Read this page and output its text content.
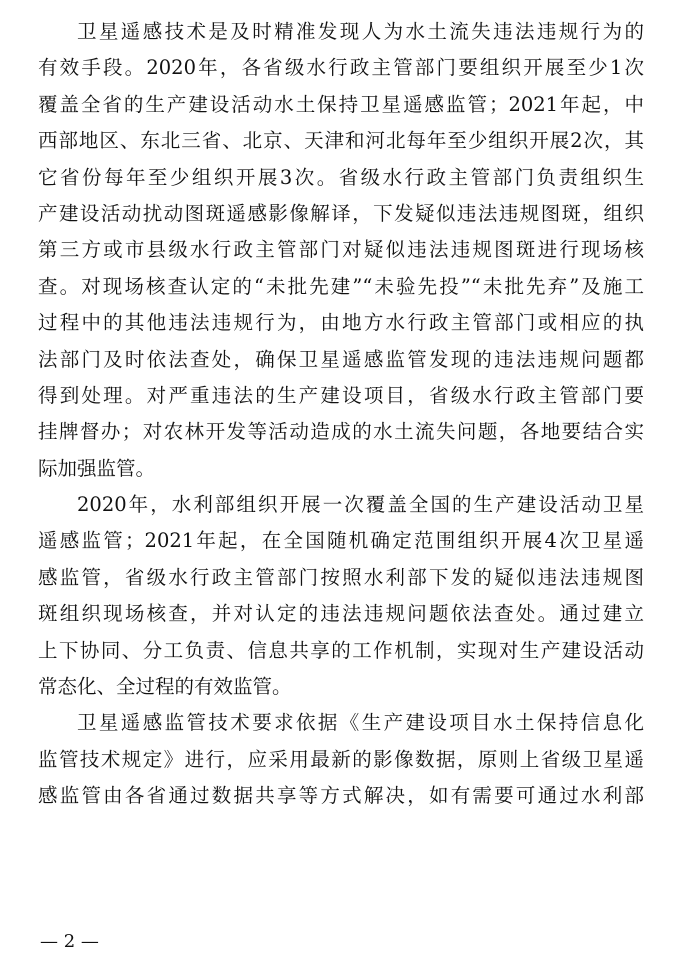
卫星遥感技术是及时精准发现人为水土流失违法违规行为的
有效手段。2020年，各省级水行政主管部门要组织开展至少1次
覆盖全省的生产建设活动水土保持卫星遥感监管；2021年起，中
西部地区、东北三省、北京、天津和河北每年至少组织开展2次，其
它省份每年至少组织开展3次。省级水行政主管部门负责组织生
产建设活动扰动图斑遥感影像解译，下发疑似违法违规图斑，组织
第三方或市县级水行政主管部门对疑似违法违规图斑进行现场核
查。对现场核查认定的“未批先建”“未验先投”“未批先弃”及施工
过程中的其他违法违规行为，由地方水行政主管部门或相应的执
法部门及时依法查处，确保卫星遥感监管发现的违法违规问题都
得到处理。对严重违法的生产建设项目，省级水行政主管部门要
挂牌督办；对农林开发等活动造成的水土流失问题，各地要结合实
际加强监管。
2020年，水利部组织开展一次覆盖全国的生产建设活动卫星
遥感监管；2021年起，在全国随机确定范围组织开展4次卫星遥
感监管，省级水行政主管部门按照水利部下发的疑似违法违规图
斑组织现场核查，并对认定的违法违规问题依法查处。通过建立
上下协同、分工负责、信息共享的工作机制，实现对生产建设活动
常态化、全过程的有效监管。
卫星遥感监管技术要求依据《生产建设项目水土保持信息化
监管技术规定》进行，应采用最新的影像数据，原则上省级卫星遥
感监管由各省通过数据共享等方式解决，如有需要可通过水利部
— 2 —
